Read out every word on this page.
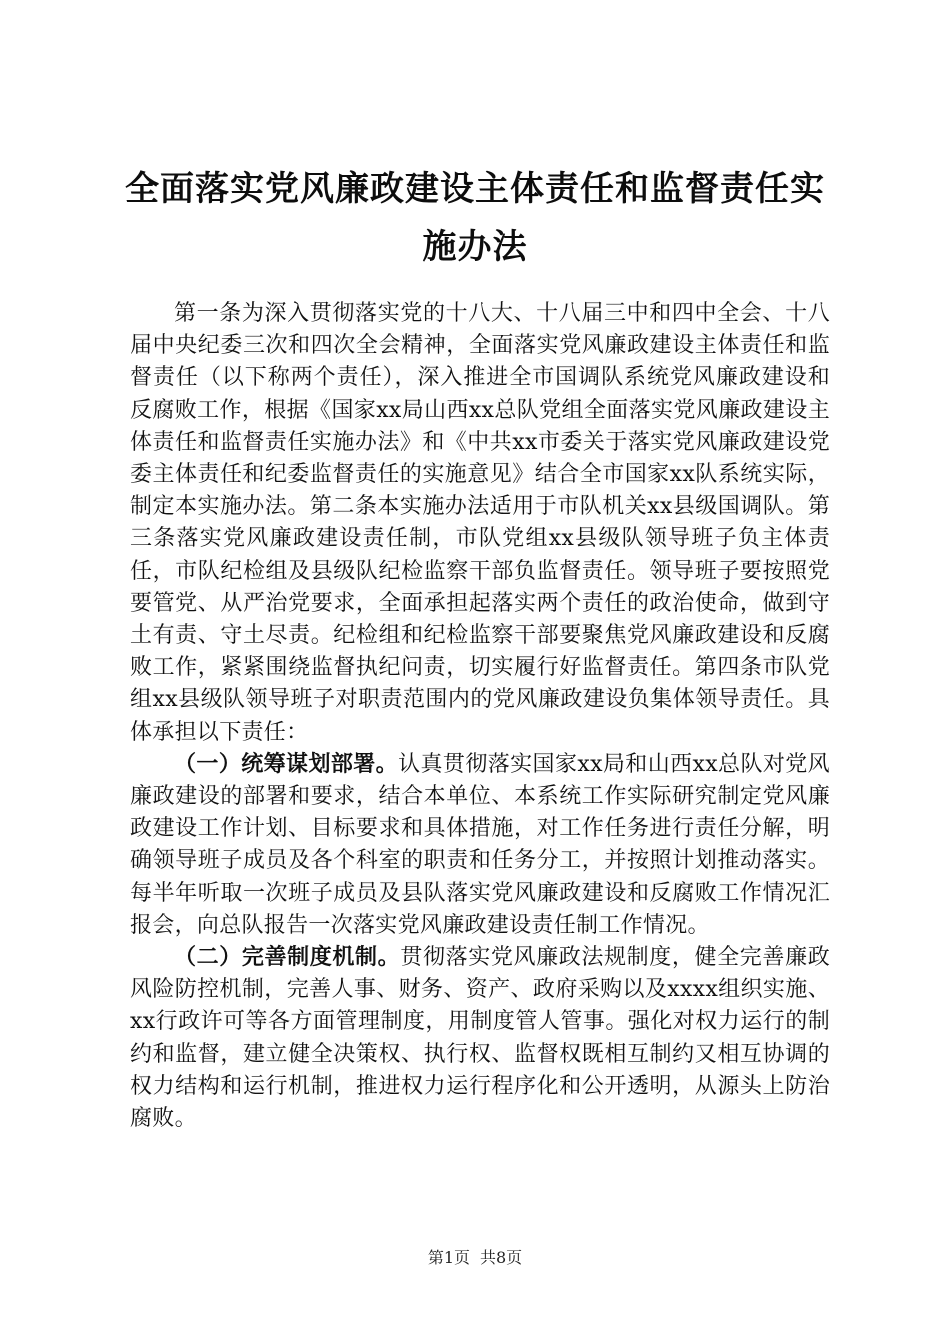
全面落实党风廉政建设主体责任和监督责任实施办法

第一条为深入贯彻落实党的十八大、十八届三中和四中全会、十八届中央纪委三次和四次全会精神，全面落实党风廉政建设主体责任和监督责任（以下称两个责任），深入推进全市国调队系统党风廉政建设和反腐败工作，根据《国家xx局山西xx总队党组全面落实党风廉政建设主体责任和监督责任实施办法》和《中共xx市委关于落实党风廉政建设党委主体责任和纪委监督责任的实施意见》结合全市国家xx队系统实际，制定本实施办法。第二条本实施办法适用于市队机关xx县级国调队。第三条落实党风廉政建设责任制，市队党组xx县级队领导班子负主体责任，市队纪检组及县级队纪检监察干部负监督责任。领导班子要按照党要管党、从严治党要求，全面承担起落实两个责任的政治使命，做到守土有责、守土尽责。纪检组和纪检监察干部要聚焦党风廉政建设和反腐败工作，紧紧围绕监督执纪问责，切实履行好监督责任。第四条市队党组xx县级队领导班子对职责范围内的党风廉政建设负集体领导责任。具体承担以下责任：

（一）统筹谋划部署。认真贯彻落实国家xx局和山西xx总队对党风廉政建设的部署和要求，结合本单位、本系统工作实际研究制定党风廉政建设工作计划、目标要求和具体措施，对工作任务进行责任分解，明确领导班子成员及各个科室的职责和任务分工，并按照计划推动落实。每半年听取一次班子成员及县队落实党风廉政建设和反腐败工作情况汇报会，向总队报告一次落实党风廉政建设责任制工作情况。

（二）完善制度机制。贯彻落实党风廉政法规制度，健全完善廉政风险防控机制，完善人事、财务、资产、政府采购以及xxxx组织实施、xx行政许可等各方面管理制度，用制度管人管事。强化对权力运行的制约和监督，建立健全决策权、执行权、监督权既相互制约又相互协调的权力结构和运行机制，推进权力运行程序化和公开透明，从源头上防治腐败。

第1页 共8页
